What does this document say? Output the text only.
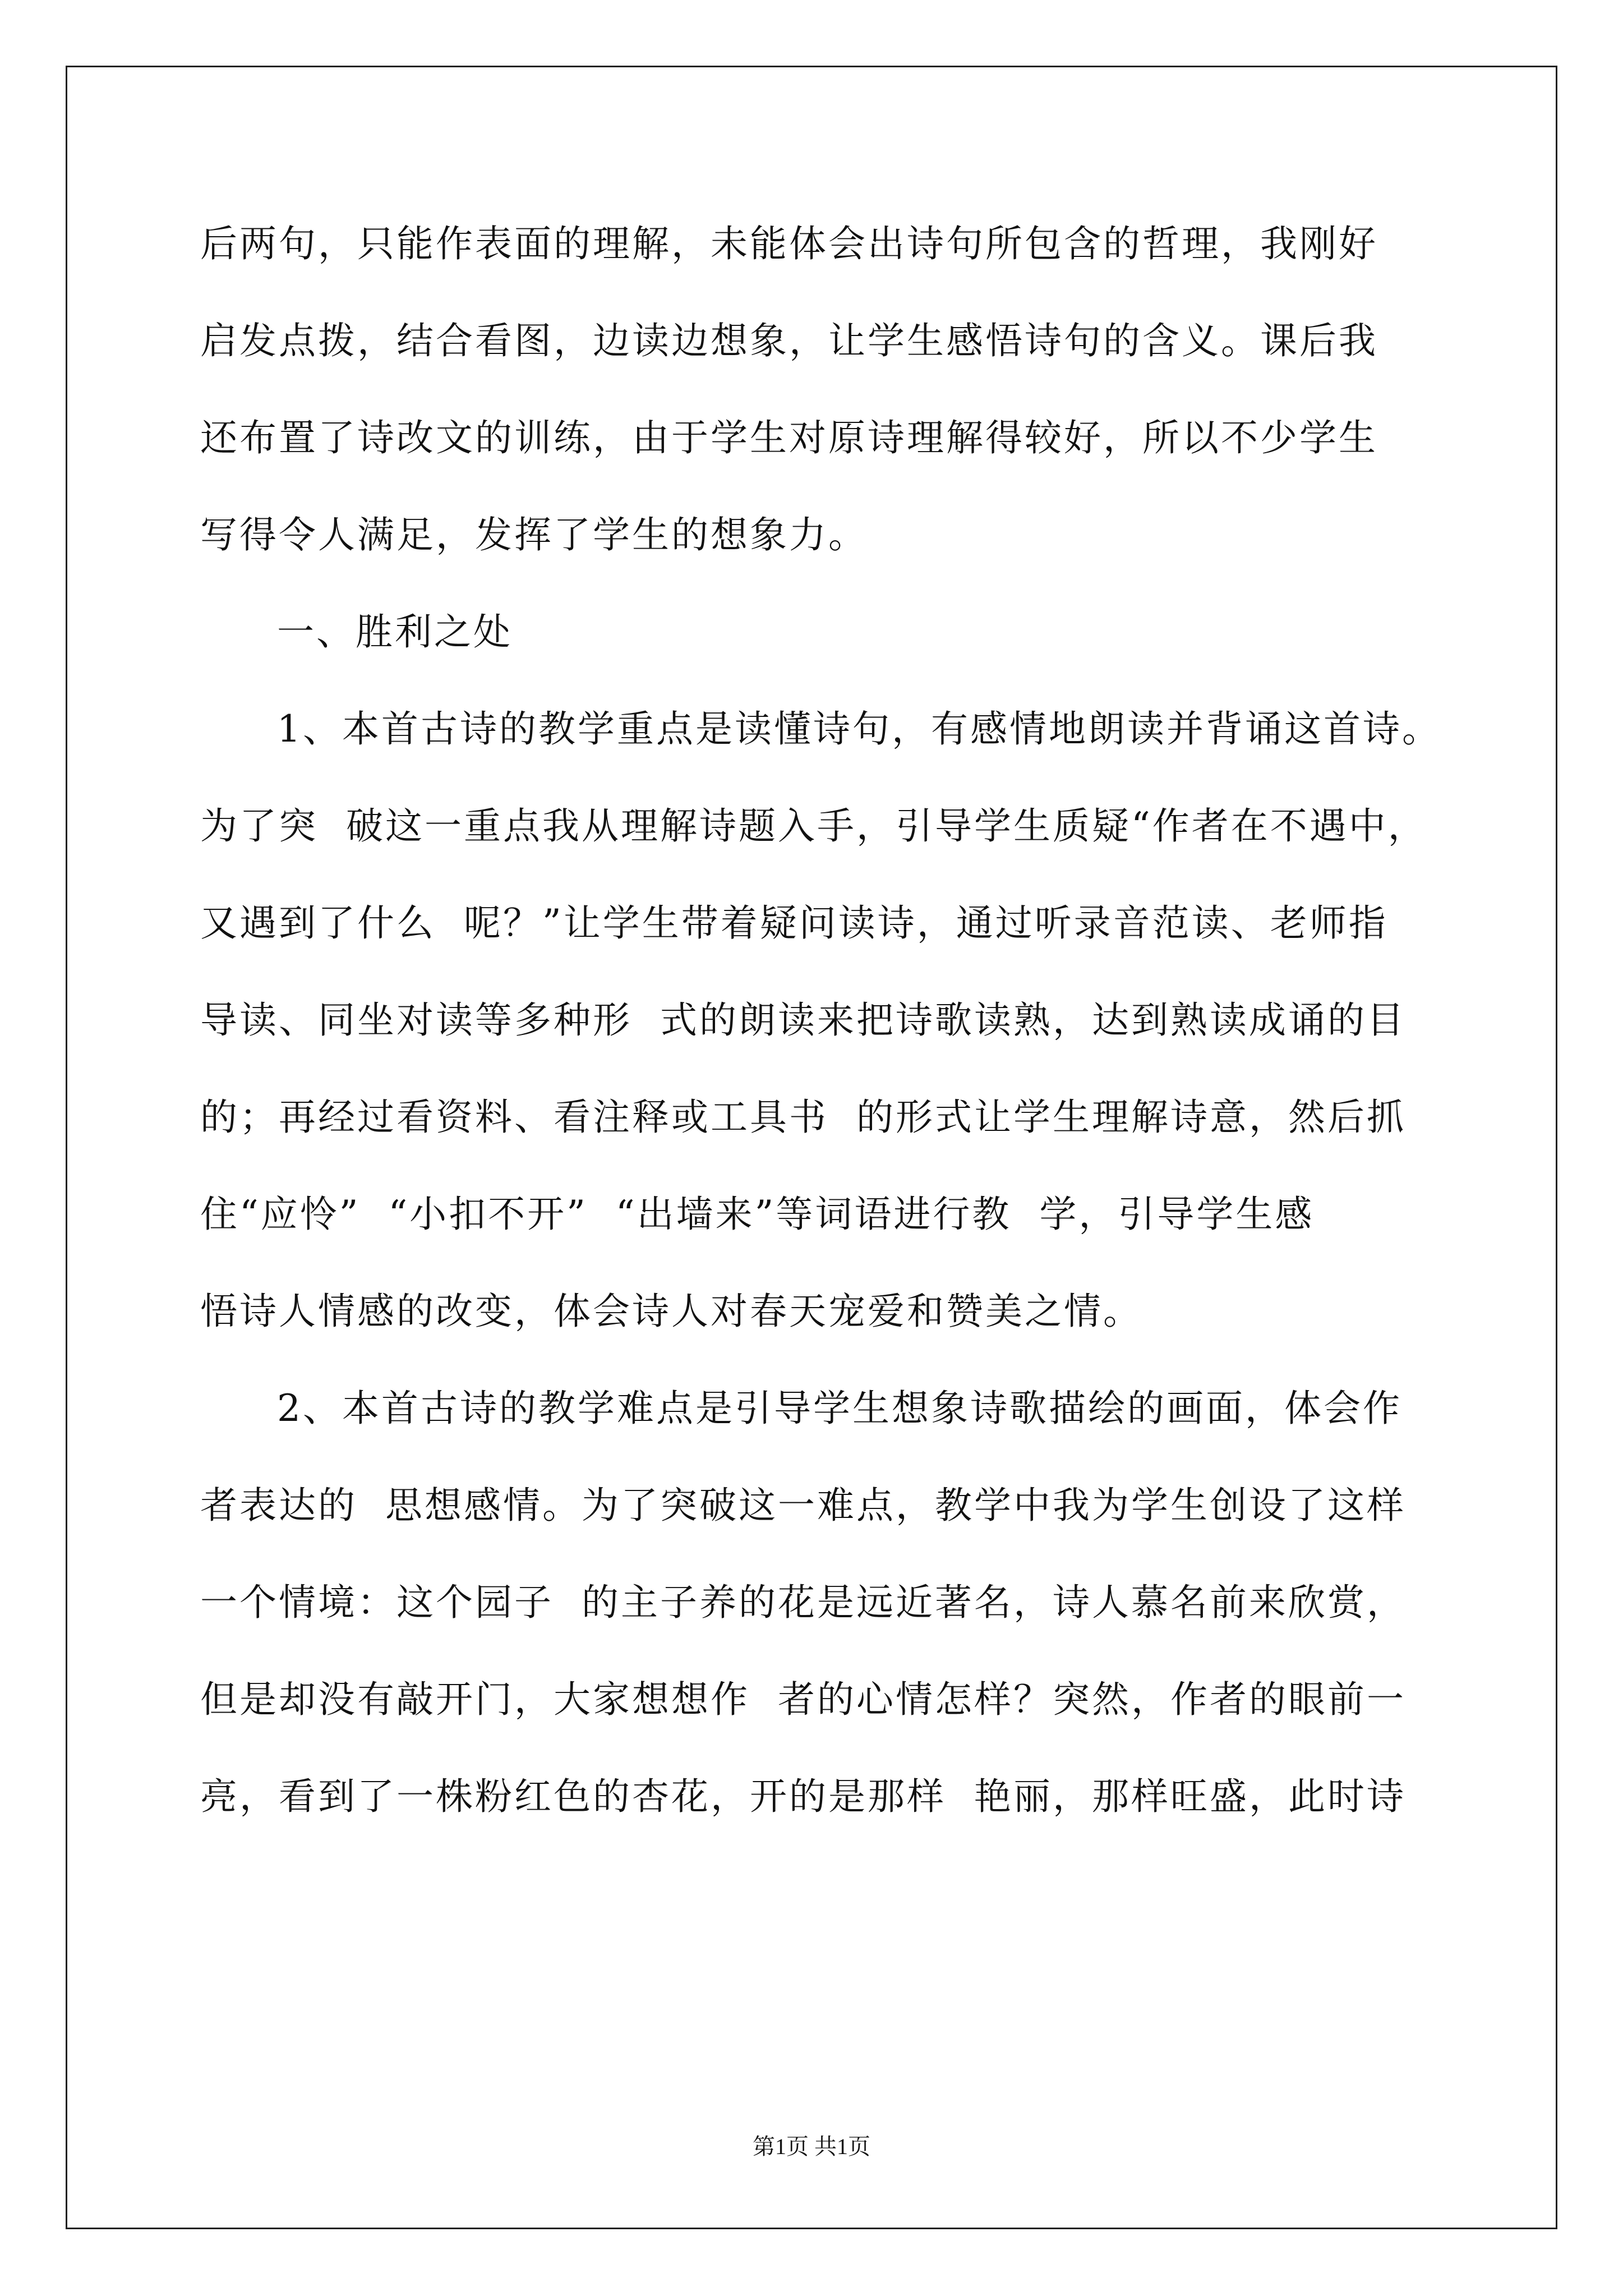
后两句，只能作表面的理解，未能体会出诗句所包含的哲理，我刚好
启发点拨，结合看图，边读边想象，让学生感悟诗句的含义。课后我
还布置了诗改文的训练，由于学生对原诗理解得较好，所以不少学生
写得令人满足，发挥了学生的想象力。
一、胜利之处
1、本首古诗的教学重点是读懂诗句，有感情地朗读并背诵这首诗。
为了突  破这一重点我从理解诗题入手，引导学生质疑“作者在不遇中，
又遇到了什么  呢？”让学生带着疑问读诗，通过听录音范读、老师指
导读、同坐对读等多种形  式的朗读来把诗歌读熟，达到熟读成诵的目
的；再经过看资料、看注释或工具书  的形式让学生理解诗意，然后抓
住“应怜”  “小扣不开”  “出墙来”等词语进行教  学，引导学生感
悟诗人情感的改变，体会诗人对春天宠爱和赞美之情。
2、本首古诗的教学难点是引导学生想象诗歌描绘的画面，体会作
者表达的  思想感情。为了突破这一难点，教学中我为学生创设了这样
一个情境：这个园子  的主子养的花是远近著名，诗人慕名前来欣赏，
但是却没有敲开门，大家想想作  者的心情怎样？突然，作者的眼前一
亮，看到了一株粉红色的杏花，开的是那样  艳丽，那样旺盛，此时诗
第1页 共1页
